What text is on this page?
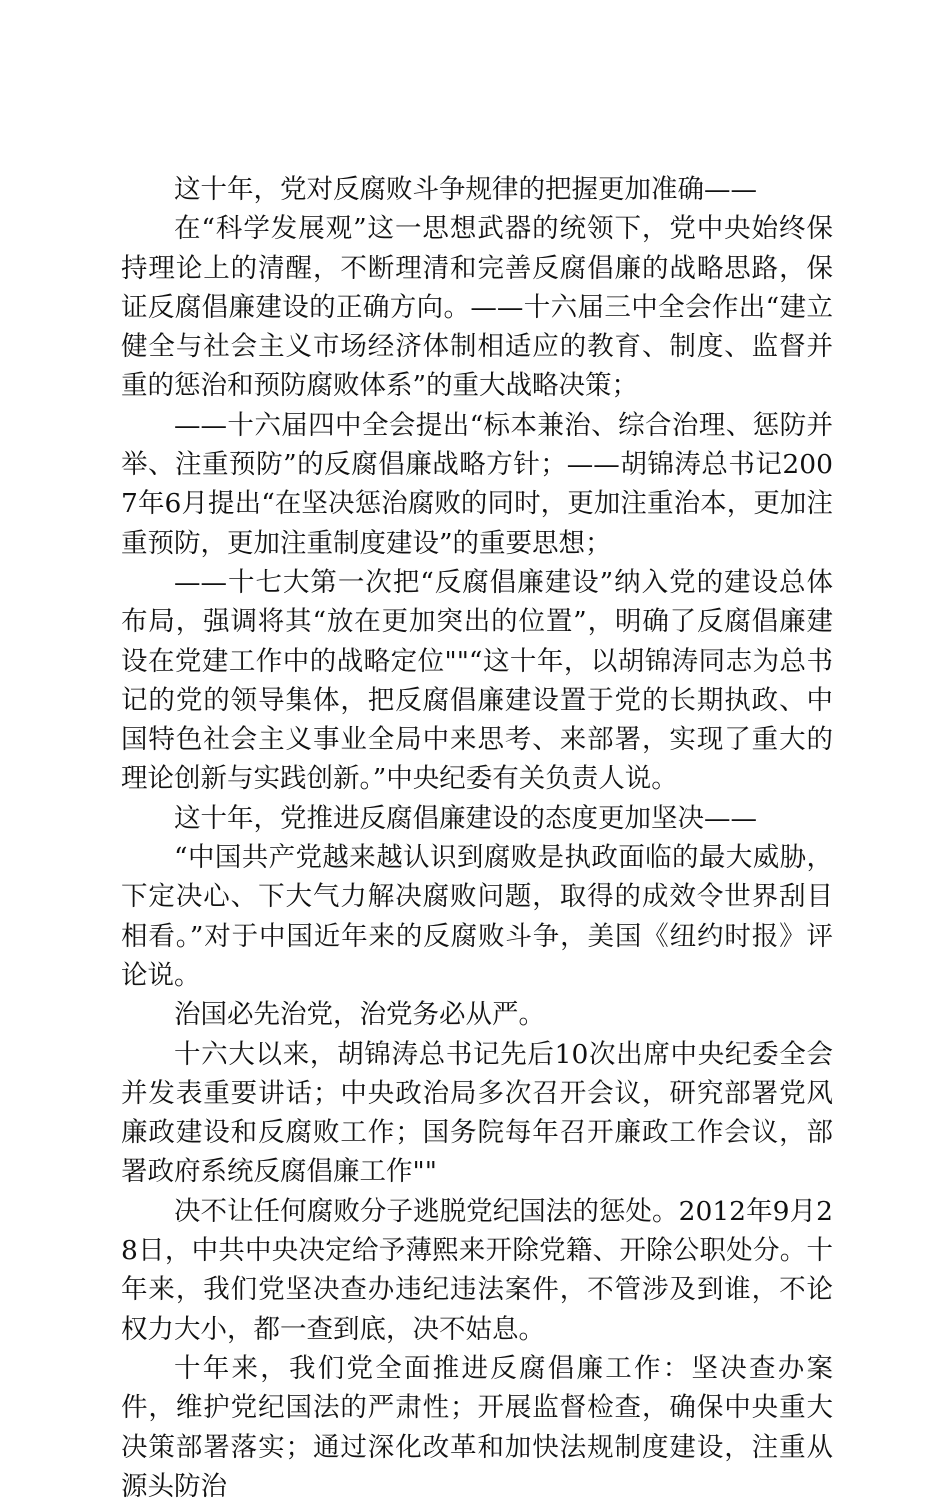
这十年，党对反腐败斗争规律的把握更加准确——

在“科学发展观”这一思想武器的统领下，党中央始终保持理论上的清醒，不断理清和完善反腐倡廉的战略思路，保证反腐倡廉建设的正确方向。——十六届三中全会作出“建立健全与社会主义市场经济体制相适应的教育、制度、监督并重的惩治和预防腐败体系”的重大战略决策；

——十六届四中全会提出“标本兼治、综合治理、惩防并举、注重预防”的反腐倡廉战略方针；——胡锦涛总书记2007年6月提出“在坚决惩治腐败的同时，更加注重治本，更加注重预防，更加注重制度建设”的重要思想；

——十七大第一次把“反腐倡廉建设”纳入党的建设总体布局，强调将其“放在更加突出的位置”，明确了反腐倡廉建设在党建工作中的战略定位""“这十年，以胡锦涛同志为总书记的党的领导集体，把反腐倡廉建设置于党的长期执政、中国特色社会主义事业全局中来思考、来部署，实现了重大的理论创新与实践创新。”中央纪委有关负责人说。

这十年，党推进反腐倡廉建设的态度更加坚决——

“中国共产党越来越认识到腐败是执政面临的最大威胁，下定决心、下大气力解决腐败问题，取得的成效令世界刮目相看。”对于中国近年来的反腐败斗争，美国《纽约时报》评论说。

治国必先治党，治党务必从严。

十六大以来，胡锦涛总书记先后10次出席中央纪委全会并发表重要讲话；中央政治局多次召开会议，研究部署党风廉政建设和反腐败工作；国务院每年召开廉政工作会议，部署政府系统反腐倡廉工作""

决不让任何腐败分子逃脱党纪国法的惩处。2012年9月28日，中共中央决定给予薄熙来开除党籍、开除公职处分。十年来，我们党坚决查办违纪违法案件，不管涉及到谁，不论权力大小，都一查到底，决不姑息。

十年来，我们党全面推进反腐倡廉工作：坚决查办案件，维护党纪国法的严肃性；开展监督检查，确保中央重大决策部署落实；通过深化改革和加快法规制度建设，注重从源头防治
